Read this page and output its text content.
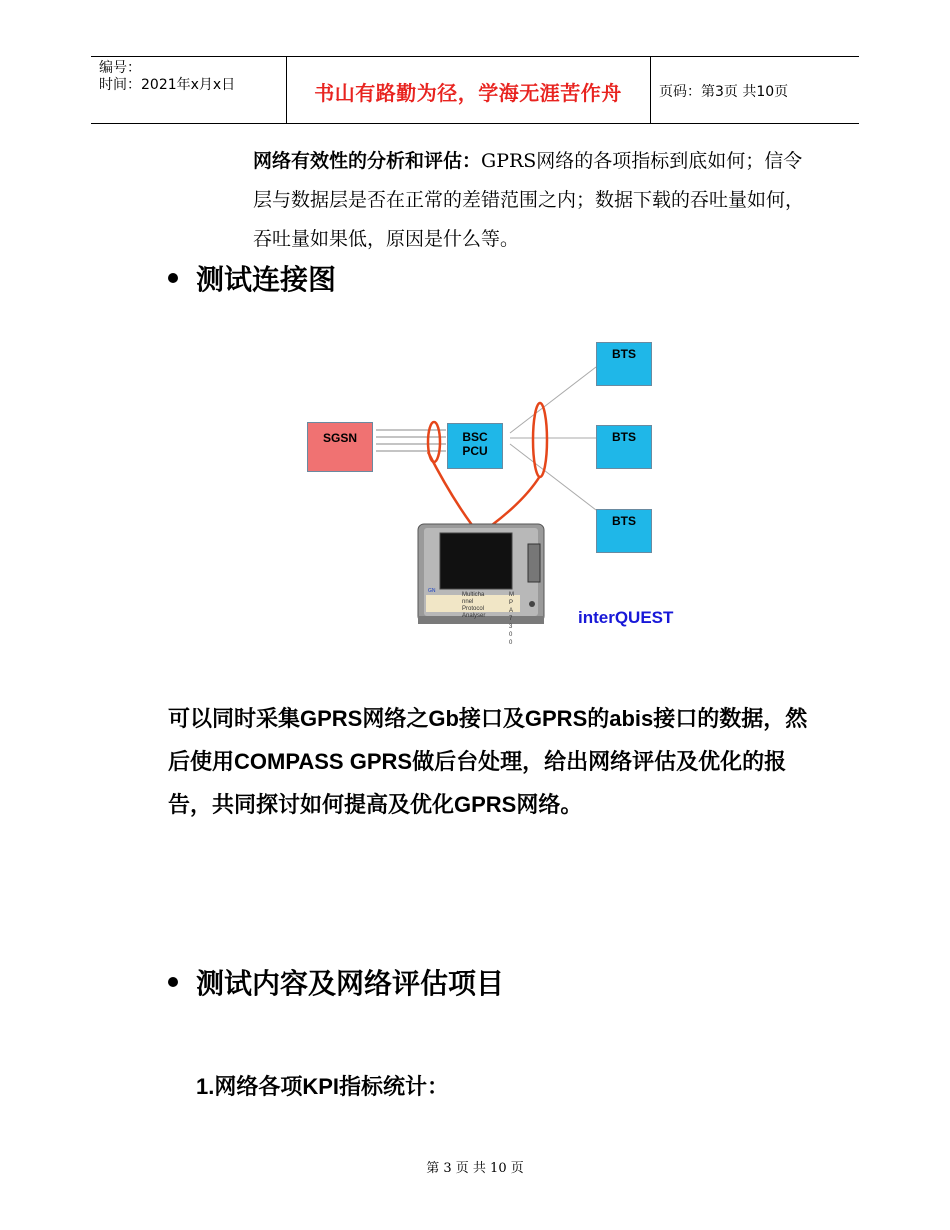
编号：
时间：2021年x月x日	书山有路勤为径，学海无涯苦作舟	页码：第3页 共10页
网络有效性的分析和评估：GPRS网络的各项指标到底如何；信令层与数据层是否在正常的差错范围之内；数据下载的吞吐量如何，吞吐量如果低，原因是什么等。
测试连接图
GN
SGSN	BSC
PCU
BTS
BTS
BTS
Multicha
nnel
Protocol
Analyser
M P A 7 3 0 0
interQUEST
可以同时采集GPRS网络之Gb接口及GPRS的abis接口的数据，然后使用COMPASS GPRS做后台处理，给出网络评估及优化的报告，共同探讨如何提高及优化GPRS网络。
测试内容及网络评估项目
1.网络各项KPI指标统计：
第 3 页 共 10 页
